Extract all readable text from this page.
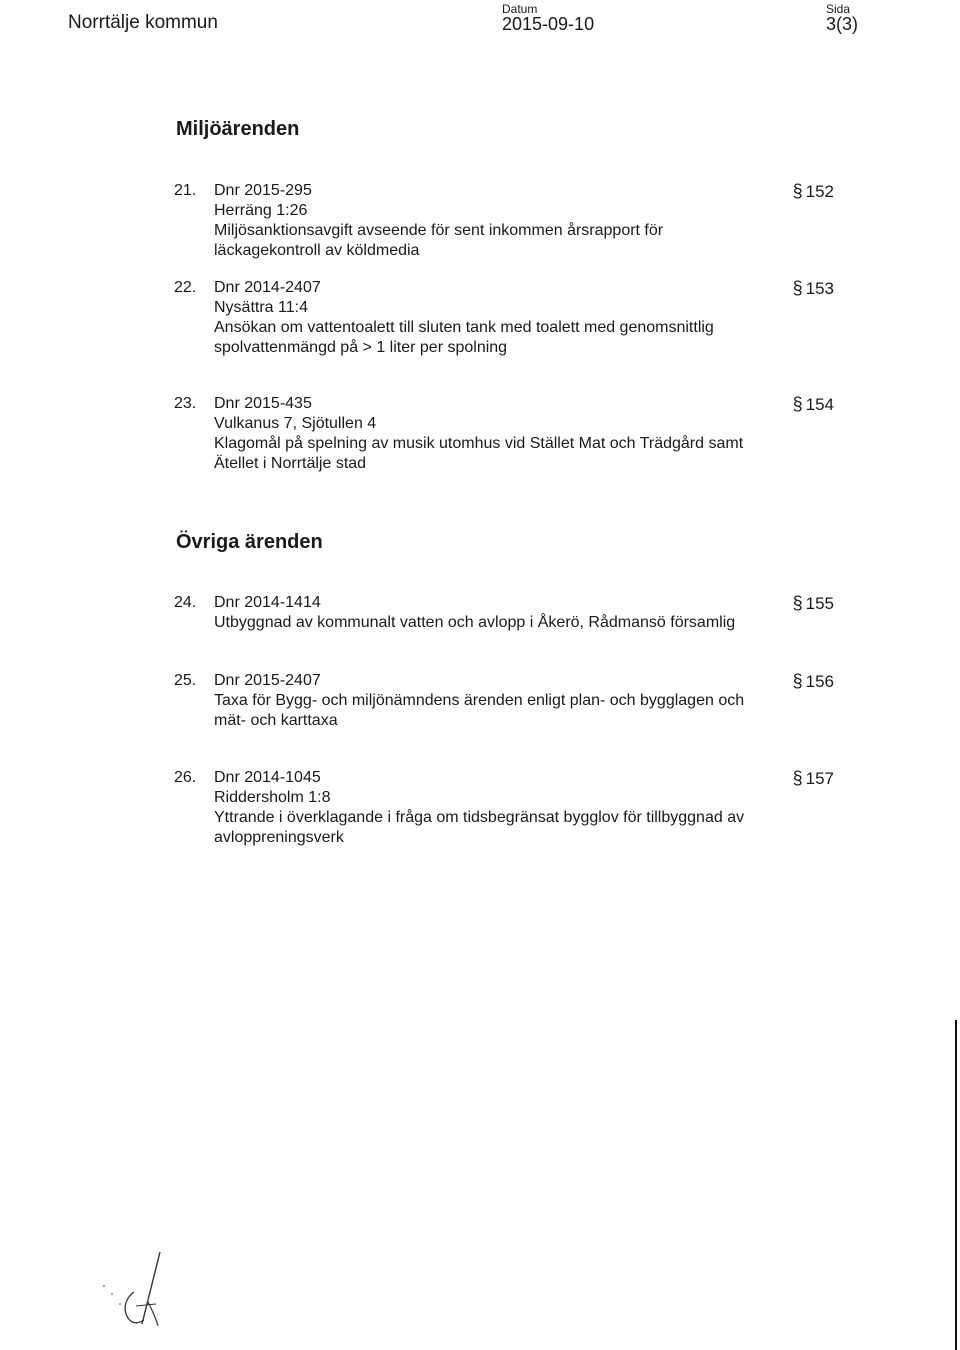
Norrtälje kommun
Datum
2015-09-10
Sida
3(3)
Miljöärenden
21. Dnr 2015-295
Herräng 1:26
Miljösanktionsavgift avseende för sent inkommen årsrapport för
läckagekontroll av köldmedia
§ 152
22. Dnr 2014-2407
Nysättra 11:4
Ansökan om vattentoalett till sluten tank med toalett med genomsnittlig
spolvattenmängd på > 1 liter per spolning
§ 153
23. Dnr 2015-435
Vulkanus 7, Sjötullen 4
Klagomål på spelning av musik utomhus vid Stället Mat och Trädgård samt
Ätellet i Norrtälje stad
§ 154
Övriga ärenden
24. Dnr 2014-1414
Utbyggnad av kommunalt vatten och avlopp i Åkerö, Rådmansö församlig
§ 155
25. Dnr 2015-2407
Taxa för Bygg- och miljönämndens ärenden enligt plan- och bygglagen och
mät- och karttaxa
§ 156
26. Dnr 2014-1045
Riddersholm 1:8
Yttrande i överklagande i fråga om tidsbegränsat bygglov för tillbyggnad av
avloppreningsverk
§ 157
